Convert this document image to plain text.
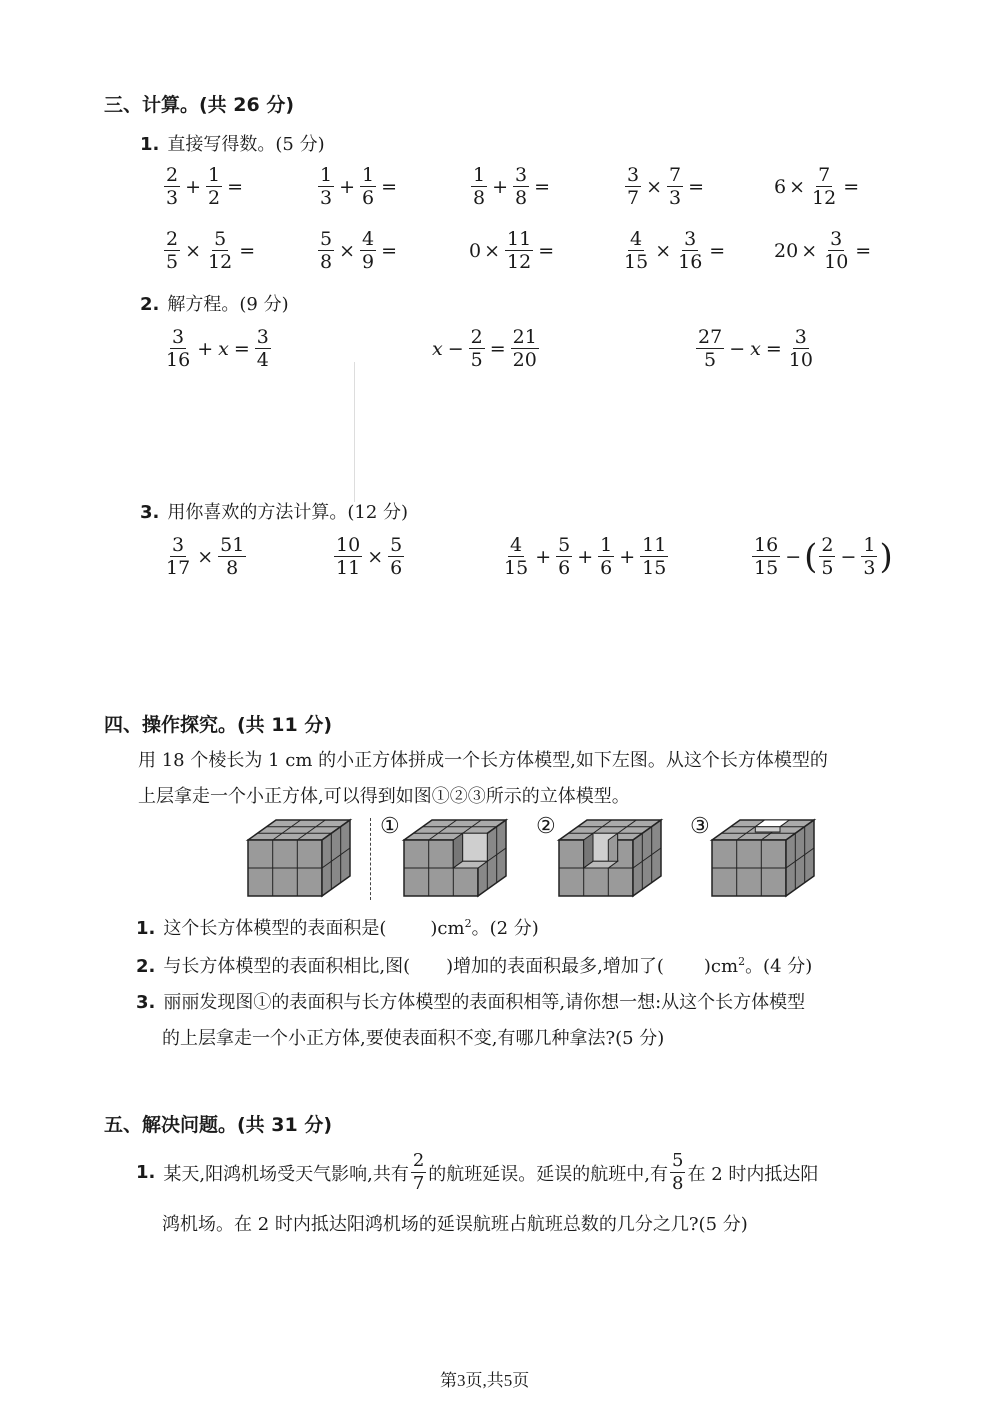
三、计算。(共 26 分)
1. 直接写得数。(5 分)
$\frac{2}{3} + \frac{1}{2}$ =	$\frac{1}{3} + \frac{1}{6}$ =	$\frac{1}{8} + \frac{3}{8}$ =	$\frac{3}{7} \times \frac{7}{3}$ =	$6 \times \frac{7}{12}$ =
$\frac{2}{5} \times \frac{5}{12}$ =	$\frac{5}{8} \times \frac{4}{9}$ =	$0 \times \frac{11}{12}$ =	$\frac{4}{15} \times \frac{3}{16}$ =	$20 \times \frac{3}{10}$ =
2. 解方程。(9 分)
$\frac{3}{16} + x = \frac{3}{4}$	$x - \frac{2}{5} = \frac{21}{20}$	$\frac{27}{5} - x = \frac{3}{10}$
3. 用你喜欢的方法计算。(12 分)
$\frac{3}{17} \times \frac{51}{8}$	$\frac{10}{11} \times \frac{5}{6}$	$\frac{4}{15} + \frac{5}{6} + \frac{1}{6} + \frac{11}{15}$	$\frac{16}{15}$ − ( $\frac{2}{5} - \frac{1}{3}$ )
四、操作探究。(共 11 分)
用 18 个棱长为 1 cm 的小正方体拼成一个长方体模型,如下左图。从这个长方体模型的
上层拿走一个小正方体,可以得到如图①②③所示的立体模型。
①	②	③
1. 这个长方体模型的表面积是( )$cm^2$。(2 分)
2. 与长方体模型的表面积相比,图( )增加的表面积最多,增加了( )$cm^2$。(4 分)
3. 丽丽发现图①的表面积与长方体模型的表面积相等,请你想一想:从这个长方体模型
的上层拿走一个小正方体,要使表面积不变,有哪几种拿法?(5 分)
五、解决问题。(共 31 分)
1. 某天,阳鸿机场受天气影响,共有 $\frac{2}{7}$ 的航班延误。延误的航班中,有 $\frac{5}{8}$ 在 2 时内抵达阳
鸿机场。在 2 时内抵达阳鸿机场的延误航班占航班总数的几分之几?(5 分)
第3页,共5页
